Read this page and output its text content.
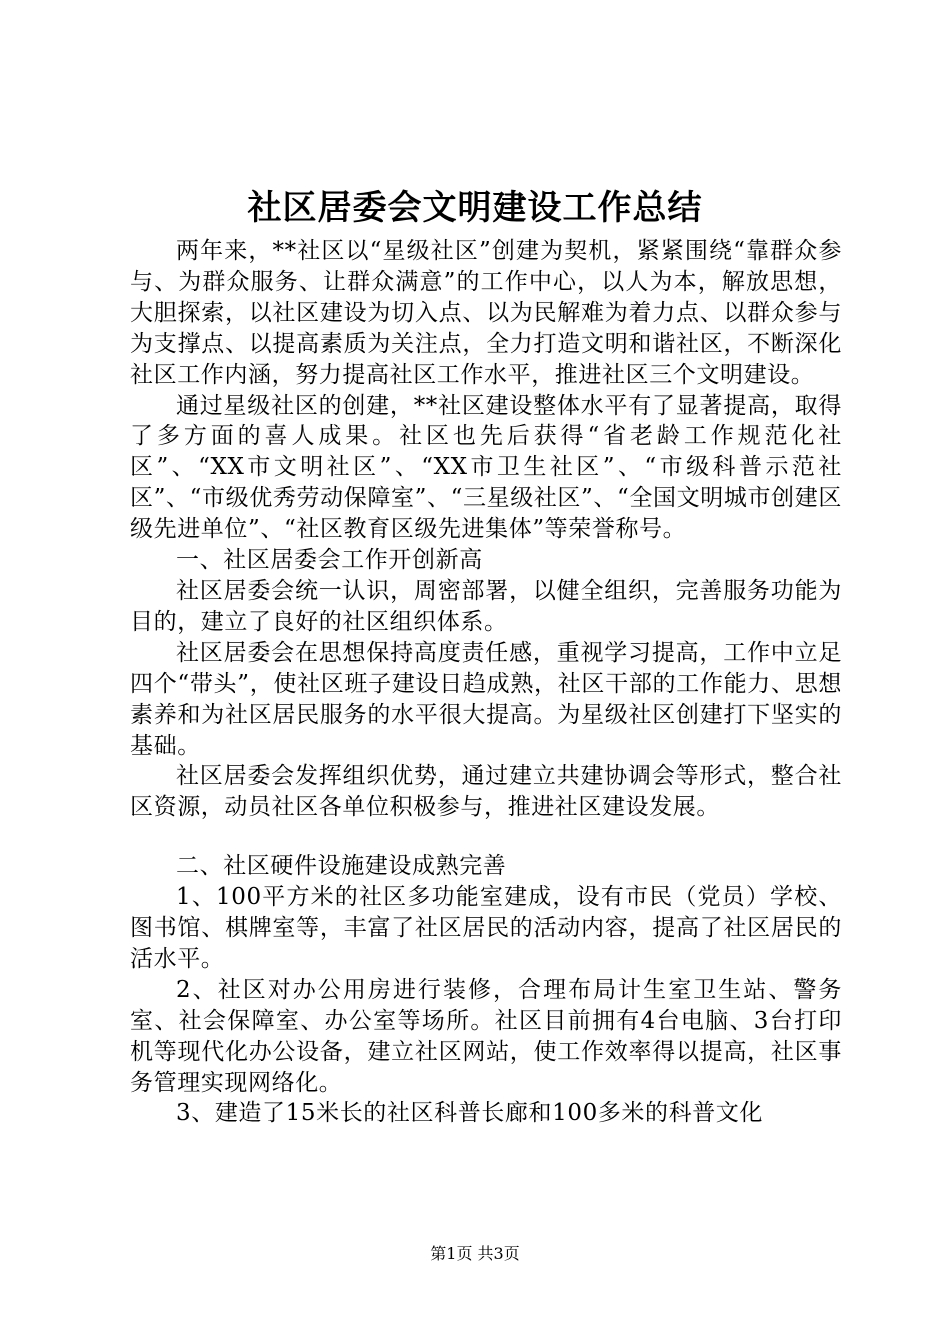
社区居委会文明建设工作总结

两年来，**社区以“星级社区”创建为契机，紧紧围绕“靠群众参与、为群众服务、让群众满意”的工作中心，以人为本，解放思想，大胆探索，以社区建设为切入点、以为民解难为着力点、以群众参与为支撑点、以提高素质为关注点，全力打造文明和谐社区，不断深化社区工作内涵，努力提高社区工作水平，推进社区三个文明建设。

通过星级社区的创建，**社区建设整体水平有了显著提高，取得了多方面的喜人成果。社区也先后获得“省老龄工作规范化社区”、“XX市文明社区”、“XX市卫生社区”、“市级科普示范社区”、“市级优秀劳动保障室”、“三星级社区”、“全国文明城市创建区级先进单位”、“社区教育区级先进集体”等荣誉称号。

一、社区居委会工作开创新高

社区居委会统一认识，周密部署，以健全组织，完善服务功能为目的，建立了良好的社区组织体系。

社区居委会在思想保持高度责任感，重视学习提高，工作中立足四个“带头”，使社区班子建设日趋成熟，社区干部的工作能力、思想素养和为社区居民服务的水平很大提高。为星级社区创建打下坚实的基础。

社区居委会发挥组织优势，通过建立共建协调会等形式，整合社区资源，动员社区各单位积极参与，推进社区建设发展。

二、社区硬件设施建设成熟完善

1、100平方米的社区多功能室建成，设有市民（党员）学校、图书馆、棋牌室等，丰富了社区居民的活动内容，提高了社区居民的活水平。

2、社区对办公用房进行装修，合理布局计生室卫生站、警务室、社会保障室、办公室等场所。社区目前拥有4台电脑、3台打印机等现代化办公设备，建立社区网站，使工作效率得以提高，社区事务管理实现网络化。

3、建造了15米长的社区科普长廊和100多米的科普文化

第1页 共3页
